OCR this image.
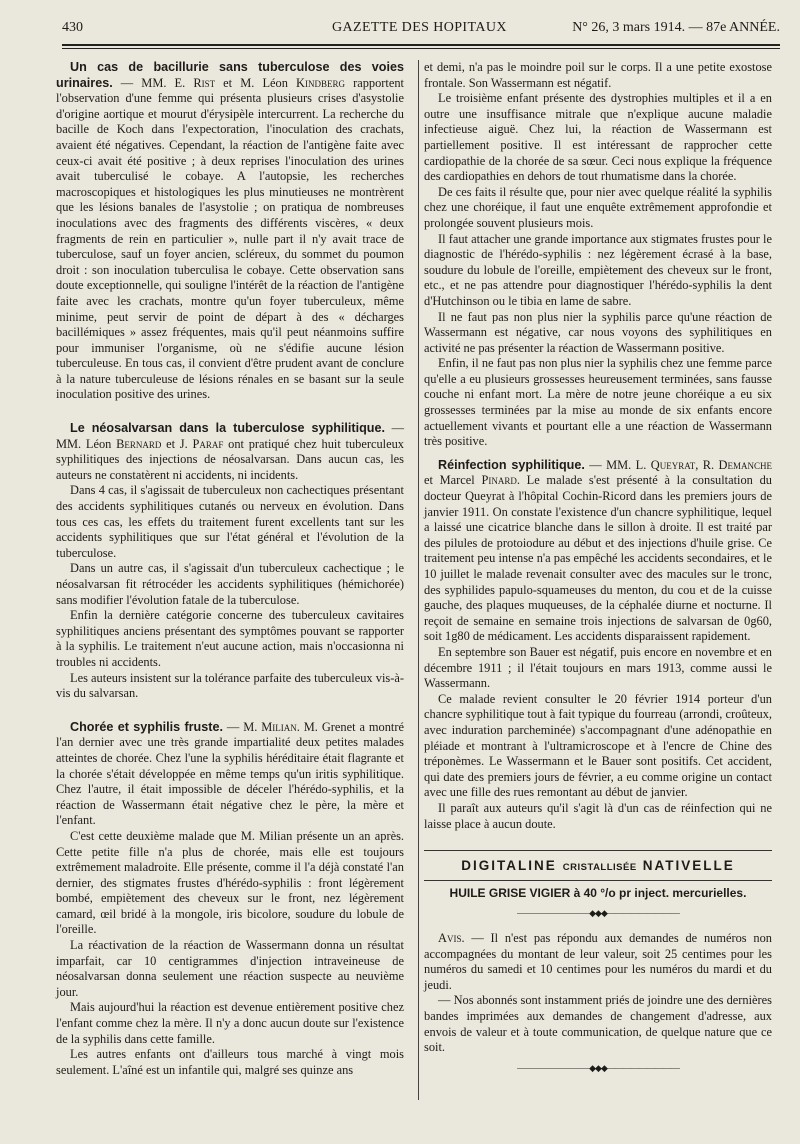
430	GAZETTE DES HOPITAUX	N° 26, 3 mars 1914. — 87e ANNÉE.

Un cas de bacillurie sans tuberculose des voies urinaires. — MM. E. Rist et M. Léon Kindberg rapportent l'observation d'une femme qui présenta plusieurs crises d'asystolie d'origine aortique et mourut d'érysipèle intercurrent. La recherche du bacille de Koch dans l'expectoration, l'inoculation des crachats, avaient été négatives. Cependant, la réaction de l'antigène faite avec ceux-ci avait été positive ; à deux reprises l'inoculation des urines avait tuberculisé le cobaye. A l'autopsie, les recherches macroscopiques et histologiques les plus minutieuses ne montrèrent que les lésions banales de l'asystolie ; on pratiqua de nombreuses inoculations avec des fragments des différents viscères, « deux fragments de rein en particulier », nulle part il n'y avait trace de tuberculose, sauf un foyer ancien, scléreux, du sommet du poumon droit : son inoculation tuberculisa le cobaye. Cette observation sans doute exceptionnelle, qui souligne l'intérêt de la réaction de l'antigène faite avec les crachats, montre qu'un foyer tuberculeux, même minime, peut servir de point de départ à des « décharges bacillémiques » assez fréquentes, mais qu'il peut néanmoins suffire pour immuniser l'organisme, où ne s'édifie aucune lésion tuberculeuse. En tous cas, il convient d'être prudent avant de conclure à la nature tuberculeuse de lésions rénales en se basant sur la seule inoculation positive des urines.

Le néosalvarsan dans la tuberculose syphilitique. — MM. Léon Bernard et J. Paraf ont pratiqué chez huit tuberculeux syphilitiques des injections de néosalvarsan. Dans aucun cas, les auteurs ne constatèrent ni accidents, ni incidents.

Dans 4 cas, il s'agissait de tuberculeux non cachectiques présentant des accidents syphilitiques cutanés ou nerveux en évolution. Dans tous ces cas, les effets du traitement furent excellents tant sur les accidents syphilitiques que sur l'état général et l'évolution de la tuberculose.

Dans un autre cas, il s'agissait d'un tuberculeux cachectique ; le néosalvarsan fit rétrocéder les accidents syphilitiques (hémichorée) sans modifier l'évolution fatale de la tuberculose.

Enfin la dernière catégorie concerne des tuberculeux cavitaires syphilitiques anciens présentant des symptômes pouvant se rapporter à la syphilis. Le traitement n'eut aucune action, mais n'occasionna ni troubles ni accidents.

Les auteurs insistent sur la tolérance parfaite des tuberculeux vis-à-vis du salvarsan.

Chorée et syphilis fruste. — M. Milian. M. Grenet a montré l'an dernier avec une très grande impartialité deux petites malades atteintes de chorée. Chez l'une la syphilis héréditaire était flagrante et la chorée s'était développée en même temps qu'un iritis syphilitique. Chez l'autre, il était impossible de déceler l'hérédo-syphilis, et la réaction de Wassermann était négative chez le père, la mère et l'enfant.

C'est cette deuxième malade que M. Milian présente un an après. Cette petite fille n'a plus de chorée, mais elle est toujours extrêmement maladroite. Elle présente, comme il l'a déjà constaté l'an dernier, des stigmates frustes d'hérédo-syphilis : front légèrement bombé, empiètement des cheveux sur le front, nez légèrement camard, œil bridé à la mongole, iris bicolore, soudure du lobule de l'oreille.

La réactivation de la réaction de Wassermann donna un résultat imparfait, car 10 centigrammes d'injection intraveineuse de néosalvarsan donna seulement une réaction suspecte au neuvième jour.

Mais aujourd'hui la réaction est devenue entièrement positive chez l'enfant comme chez la mère. Il n'y a donc aucun doute sur l'existence de la syphilis dans cette famille.

Les autres enfants ont d'ailleurs tous marché à vingt mois seulement. L'aîné est un infantile qui, malgré ses quinze ans

et demi, n'a pas le moindre poil sur le corps. Il a une petite exostose frontale. Son Wassermann est négatif.

Le troisième enfant présente des dystrophies multiples et il a en outre une insuffisance mitrale que n'explique aucune maladie infectieuse aiguë. Chez lui, la réaction de Wassermann est partiellement positive. Il est intéressant de rapprocher cette cardiopathie de la chorée de sa sœur. Ceci nous explique la fréquence des cardiopathies en dehors de tout rhumatisme dans la chorée.

De ces faits il résulte que, pour nier avec quelque réalité la syphilis chez une choréique, il faut une enquête extrêmement approfondie et prolongée souvent plusieurs mois.

Il faut attacher une grande importance aux stigmates frustes pour le diagnostic de l'hérédo-syphilis : nez légèrement écrasé à la base, soudure du lobule de l'oreille, empiètement des cheveux sur le front, etc., et ne pas attendre pour diagnostiquer l'hérédo-syphilis la dent d'Hutchinson ou le tibia en lame de sabre.

Il ne faut pas non plus nier la syphilis parce qu'une réaction de Wassermann est négative, car nous voyons des syphilitiques en activité ne pas présenter la réaction de Wassermann positive.

Enfin, il ne faut pas non plus nier la syphilis chez une femme parce qu'elle a eu plusieurs grossesses heureusement terminées, sans fausse couche ni enfant mort. La mère de notre jeune choréique a eu six grossesses terminées par la mise au monde de six enfants encore actuellement vivants et pourtant elle a une réaction de Wassermann très positive.

Réinfection syphilitique. — MM. L. Queyrat, R. Demanche et Marcel Pinard. Le malade s'est présenté à la consultation du docteur Queyrat à l'hôpital Cochin-Ricord dans les premiers jours de janvier 1911. On constate l'existence d'un chancre syphilitique, lequel a laissé une cicatrice blanche dans le sillon à droite. Il est traité par des pilules de protoiodure au début et des injections d'huile grise. Ce traitement peu intense n'a pas empêché les accidents secondaires, et le 10 juillet le malade revenait consulter avec des macules sur le tronc, des syphilides papulo-squameuses du menton, du cou et de la cuisse gauche, des plaques muqueuses, de la céphalée diurne et nocturne. Il reçoit de semaine en semaine trois injections de salvarsan de 0g60, soit 1g80 de médicament. Les accidents disparaissent rapidement.

En septembre son Bauer est négatif, puis encore en novembre et en décembre 1911 ; il l'était toujours en mars 1913, comme aussi le Wassermann.

Ce malade revient consulter le 20 février 1914 porteur d'un chancre syphilitique tout à fait typique du fourreau (arrondi, croûteux, avec induration parcheminée) s'accompagnant d'une adénopathie en pléiade et montrant à l'ultramicroscope et à l'encre de Chine des tréponèmes. Le Wassermann et le Bauer sont positifs. Cet accident, qui date des premiers jours de février, a eu comme origine un contact avec une fille des rues remontant au début de janvier.

Il paraît aux auteurs qu'il s'agit là d'un cas de réinfection qui ne laisse place à aucun doute.

DIGITALINE CRISTALLISÉE NATIVELLE
HUILE GRISE VIGIER à 40 °/o pr inject. mercurielles.
—————————◆◆◆—————————

Avis. — Il n'est pas répondu aux demandes de numéros non accompagnées du montant de leur valeur, soit 25 centimes pour les numéros du samedi et 10 centimes pour les numéros du mardi et du jeudi.

— Nos abonnés sont instamment priés de joindre une des dernières bandes imprimées aux demandes de changement d'adresse, aux envois de valeur et à toute communication, de quelque nature que ce soit.

—————————◆◆◆—————————
